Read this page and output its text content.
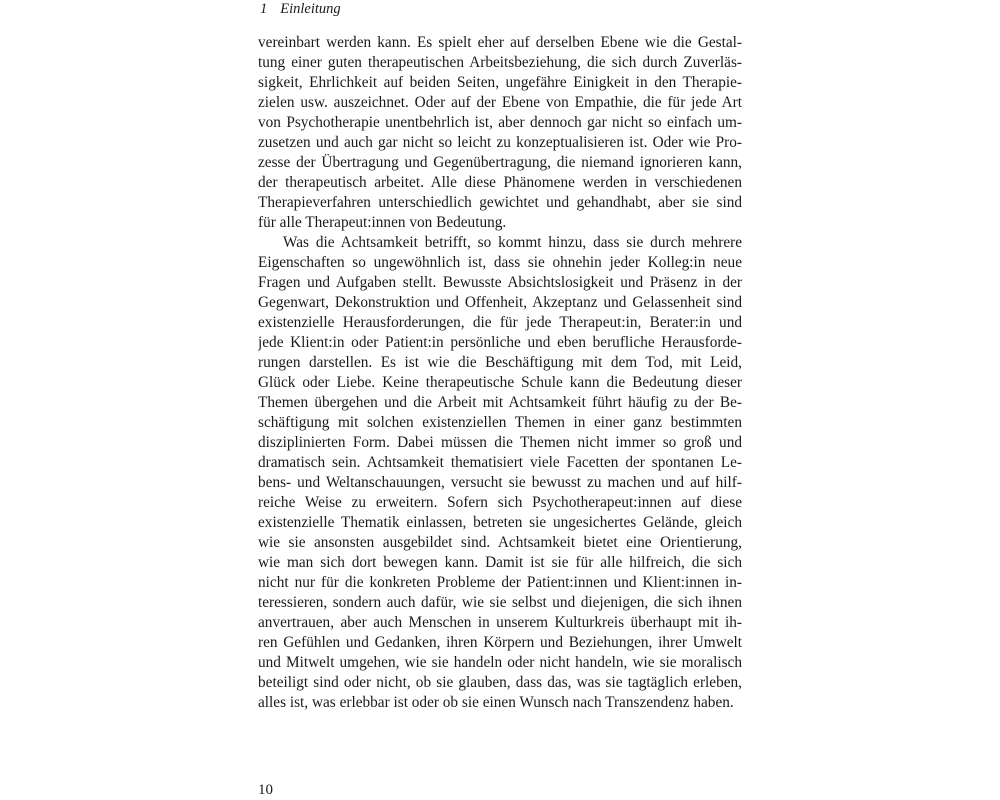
1 Einleitung
vereinbart werden kann. Es spielt eher auf derselben Ebene wie die Gestal-
tung einer guten therapeutischen Arbeitsbeziehung, die sich durch Zuverläs-
sigkeit, Ehrlichkeit auf beiden Seiten, ungefähre Einigkeit in den Therapie-
zielen usw. auszeichnet. Oder auf der Ebene von Empathie, die für jede Art
von Psychotherapie unentbehrlich ist, aber dennoch gar nicht so einfach um-
zusetzen und auch gar nicht so leicht zu konzeptualisieren ist. Oder wie Pro-
zesse der Übertragung und Gegenübertragung, die niemand ignorieren kann,
der therapeutisch arbeitet. Alle diese Phänomene werden in verschiedenen
Therapieverfahren unterschiedlich gewichtet und gehandhabt, aber sie sind
für alle Therapeut:innen von Bedeutung.
Was die Achtsamkeit betrifft, so kommt hinzu, dass sie durch mehrere
Eigenschaften so ungewöhnlich ist, dass sie ohnehin jeder Kolleg:in neue
Fragen und Aufgaben stellt. Bewusste Absichtslosigkeit und Präsenz in der
Gegenwart, Dekonstruktion und Offenheit, Akzeptanz und Gelassenheit sind
existenzielle Herausforderungen, die für jede Therapeut:in, Berater:in und
jede Klient:in oder Patient:in persönliche und eben berufliche Herausforde-
rungen darstellen. Es ist wie die Beschäftigung mit dem Tod, mit Leid,
Glück oder Liebe. Keine therapeutische Schule kann die Bedeutung dieser
Themen übergehen und die Arbeit mit Achtsamkeit führt häufig zu der Be-
schäftigung mit solchen existenziellen Themen in einer ganz bestimmten
disziplinierten Form. Dabei müssen die Themen nicht immer so groß und
dramatisch sein. Achtsamkeit thematisiert viele Facetten der spontanen Le-
bens- und Weltanschauungen, versucht sie bewusst zu machen und auf hilf-
reiche Weise zu erweitern. Sofern sich Psychotherapeut:innen auf diese
existenzielle Thematik einlassen, betreten sie ungesichertes Gelände, gleich
wie sie ansonsten ausgebildet sind. Achtsamkeit bietet eine Orientierung,
wie man sich dort bewegen kann. Damit ist sie für alle hilfreich, die sich
nicht nur für die konkreten Probleme der Patient:innen und Klient:innen in-
teressieren, sondern auch dafür, wie sie selbst und diejenigen, die sich ihnen
anvertrauen, aber auch Menschen in unserem Kulturkreis überhaupt mit ih-
ren Gefühlen und Gedanken, ihren Körpern und Beziehungen, ihrer Umwelt
und Mitwelt umgehen, wie sie handeln oder nicht handeln, wie sie moralisch
beteiligt sind oder nicht, ob sie glauben, dass das, was sie tagtäglich erleben,
alles ist, was erlebbar ist oder ob sie einen Wunsch nach Transzendenz haben.
10
